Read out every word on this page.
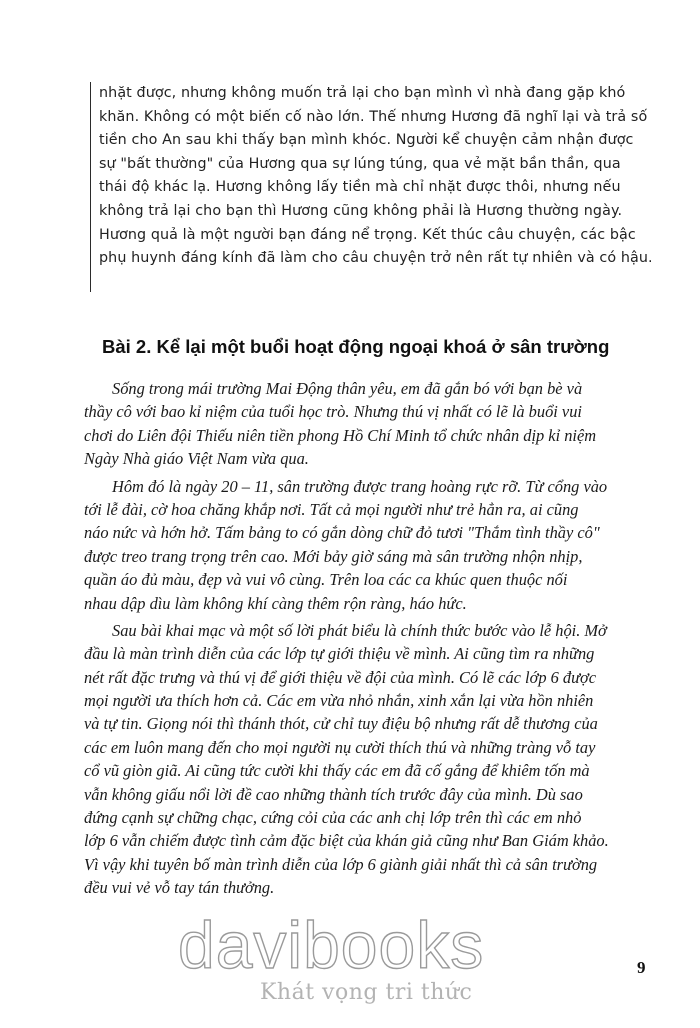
nhặt được, nhưng không muốn trả lại cho bạn mình vì nhà đang gặp khó
khăn. Không có một biến cố nào lớn. Thế nhưng Hương đã nghĩ lại và trả số
tiền cho An sau khi thấy bạn mình khóc. Người kể chuyện cảm nhận được
sự "bất thường" của Hương qua sự lúng túng, qua vẻ mặt bần thần, qua
thái độ khác lạ. Hương không lấy tiền mà chỉ nhặt được thôi, nhưng nếu
không trả lại cho bạn thì Hương cũng không phải là Hương thường ngày.
Hương quả là một người bạn đáng nể trọng. Kết thúc câu chuyện, các bậc
phụ huynh đáng kính đã làm cho câu chuyện trở nên rất tự nhiên và có hậu.
Bài 2. Kể lại một buổi hoạt động ngoại khoá ở sân trường
Sống trong mái trường Mai Động thân yêu, em đã gắn bó với bạn bè và
thầy cô với bao kỉ niệm của tuổi học trò. Nhưng thú vị nhất có lẽ là buổi vui
chơi do Liên đội Thiếu niên tiền phong Hồ Chí Minh tổ chức nhân dịp kỉ niệm
Ngày Nhà giáo Việt Nam vừa qua.
Hôm đó là ngày 20 – 11, sân trường được trang hoàng rực rỡ. Từ cổng vào
tới lễ đài, cờ hoa chăng khắp nơi. Tất cả mọi người như trẻ hẳn ra, ai cũng
náo nức và hớn hở. Tấm bảng to có gắn dòng chữ đỏ tươi "Thắm tình thầy cô"
được treo trang trọng trên cao. Mới bảy giờ sáng mà sân trường nhộn nhịp,
quần áo đủ màu, đẹp và vui vô cùng. Trên loa các ca khúc quen thuộc nối
nhau dập dìu làm không khí càng thêm rộn ràng, háo hức.
Sau bài khai mạc và một số lời phát biểu là chính thức bước vào lễ hội. Mở
đầu là màn trình diễn của các lớp tự giới thiệu về mình. Ai cũng tìm ra những
nét rất đặc trưng và thú vị để giới thiệu về đội của mình. Có lẽ các lớp 6 được
mọi người ưa thích hơn cả. Các em vừa nhỏ nhắn, xinh xắn lại vừa hồn nhiên
và tự tin. Giọng nói thì thánh thót, cử chỉ tuy điệu bộ nhưng rất dễ thương của
các em luôn mang đến cho mọi người nụ cười thích thú và những tràng vỗ tay
cổ vũ giòn giã. Ai cũng tức cười khi thấy các em đã cố gắng để khiêm tốn mà
vẫn không giấu nổi lời đề cao những thành tích trước đây của mình. Dù sao
đứng cạnh sự chững chạc, cứng cỏi của các anh chị lớp trên thì các em nhỏ
lớp 6 vẫn chiếm được tình cảm đặc biệt của khán giả cũng như Ban Giám khảo.
Vì vậy khi tuyên bố màn trình diễn của lớp 6 giành giải nhất thì cả sân trường
đều vui vẻ vỗ tay tán thưởng.
9
davibooks
Khát vọng tri thức
